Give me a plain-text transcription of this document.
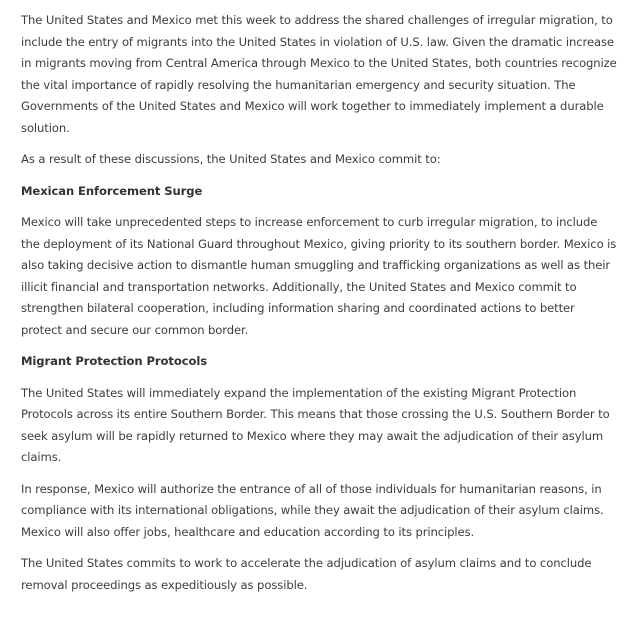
The United States and Mexico met this week to address the shared challenges of irregular migration, to include the entry of migrants into the United States in violation of U.S. law. Given the dramatic increase in migrants moving from Central America through Mexico to the United States, both countries recognize the vital importance of rapidly resolving the humanitarian emergency and security situation. The Governments of the United States and Mexico will work together to immediately implement a durable solution.

As a result of these discussions, the United States and Mexico commit to:

Mexican Enforcement Surge

Mexico will take unprecedented steps to increase enforcement to curb irregular migration, to include the deployment of its National Guard throughout Mexico, giving priority to its southern border. Mexico is also taking decisive action to dismantle human smuggling and trafficking organizations as well as their illicit financial and transportation networks. Additionally, the United States and Mexico commit to strengthen bilateral cooperation, including information sharing and coordinated actions to better protect and secure our common border.

Migrant Protection Protocols

The United States will immediately expand the implementation of the existing Migrant Protection Protocols across its entire Southern Border. This means that those crossing the U.S. Southern Border to seek asylum will be rapidly returned to Mexico where they may await the adjudication of their asylum claims.

In response, Mexico will authorize the entrance of all of those individuals for humanitarian reasons, in compliance with its international obligations, while they await the adjudication of their asylum claims. Mexico will also offer jobs, healthcare and education according to its principles.

The United States commits to work to accelerate the adjudication of asylum claims and to conclude removal proceedings as expeditiously as possible.
